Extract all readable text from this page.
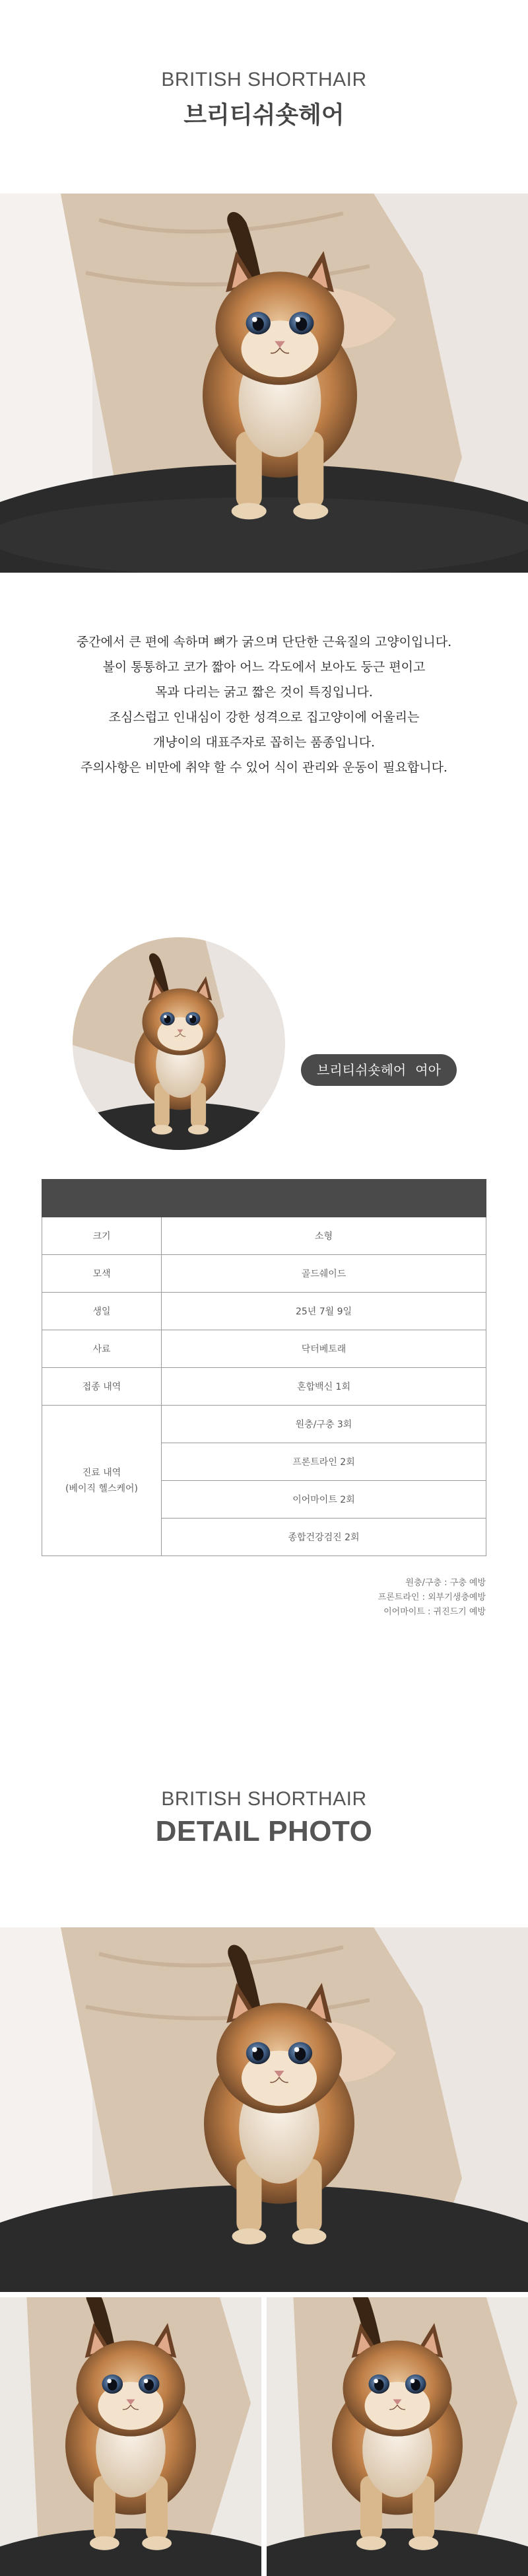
BRITISH SHORTHAIR
브리티쉬숏헤어
중간에서 큰 편에 속하며 뼈가 굵으며 단단한 근육질의 고양이입니다.
볼이 통통하고 코가 짧아 어느 각도에서 보아도 둥근 편이고
목과 다리는 굵고 짧은 것이 특징입니다.
조심스럽고 인내심이 강한 성격으로 집고양이에 어울리는
개냥이의 대표주자로 꼽히는 품종입니다.
주의사항은 비만에 취약 할 수 있어 식이 관리와 운동이 필요합니다.
브리티쉬숏헤어 여아

크기	소형
모색	골드쉐이드
생일	25년 7월 9일
사료	닥터베토래
접종 내역	혼합백신 1회

진료 내역
(베이직 헬스케어)	원충/구충 3회
	프론트라인 2회
	이어마이트 2회
	종합건강검진 2회
원충/구충 : 구충 예방
프론트라인 : 외부기생충예방
이어마이트 : 귀진드기 예방
BRITISH SHORTHAIR
DETAIL PHOTO
